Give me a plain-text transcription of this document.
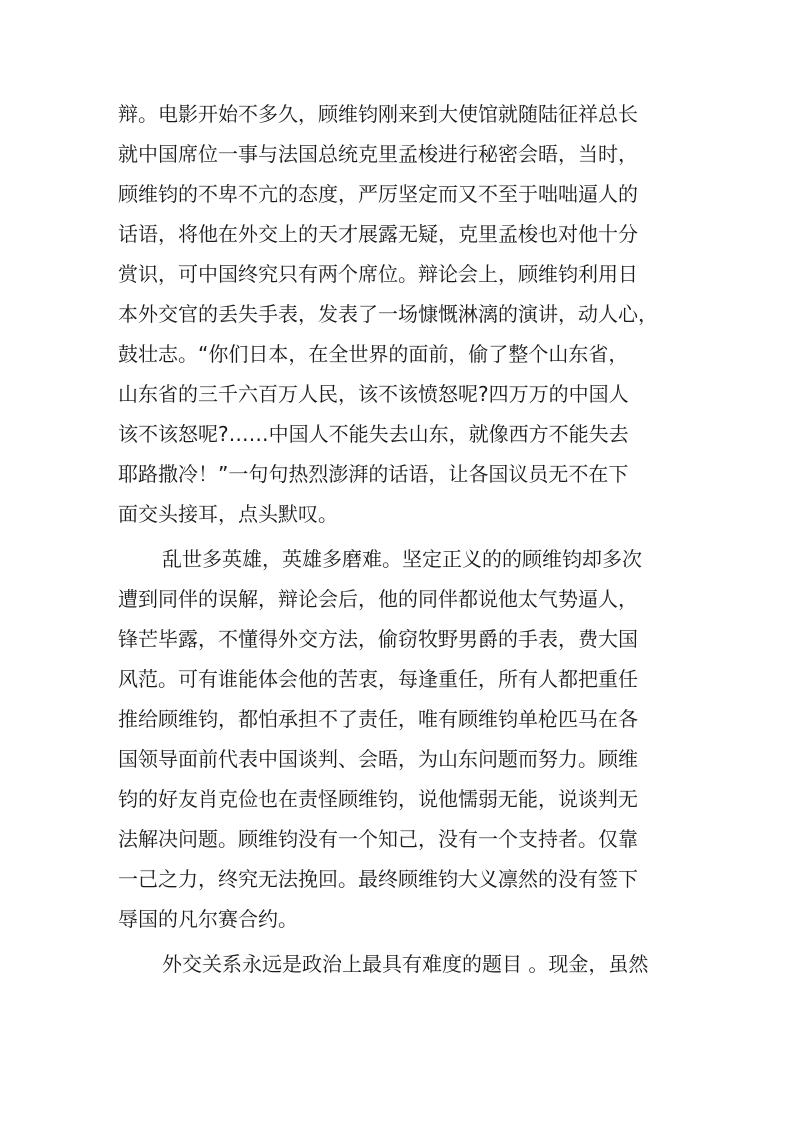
辩。电影开始不多久，顾维钧刚来到大使馆就随陆征祥总长
就中国席位一事与法国总统克里孟梭进行秘密会晤，当时，
顾维钧的不卑不亢的态度，严厉坚定而又不至于咄咄逼人的
话语，将他在外交上的天才展露无疑，克里孟梭也对他十分
赏识，可中国终究只有两个席位。辩论会上，顾维钧利用日
本外交官的丢失手表，发表了一场慷慨淋漓的演讲，动人心，
鼓壮志。“你们日本，在全世界的面前，偷了整个山东省，
山东省的三千六百万人民，该不该愤怒呢?四万万的中国人
该不该怒呢?……中国人不能失去山东，就像西方不能失去
耶路撒冷！”一句句热烈澎湃的话语，让各国议员无不在下
面交头接耳，点头默叹。
乱世多英雄，英雄多磨难。坚定正义的的顾维钧却多次
遭到同伴的误解，辩论会后，他的同伴都说他太气势逼人，
锋芒毕露，不懂得外交方法，偷窃牧野男爵的手表，费大国
风范。可有谁能体会他的苦衷，每逢重任，所有人都把重任
推给顾维钧，都怕承担不了责任，唯有顾维钧单枪匹马在各
国领导面前代表中国谈判、会晤，为山东问题而努力。顾维
钧的好友肖克俭也在责怪顾维钧，说他懦弱无能，说谈判无
法解决问题。顾维钧没有一个知己，没有一个支持者。仅靠
一己之力，终究无法挽回。最终顾维钧大义凛然的没有签下
辱国的凡尔赛合约。
外交关系永远是政治上最具有难度的题目 。现金，虽然
